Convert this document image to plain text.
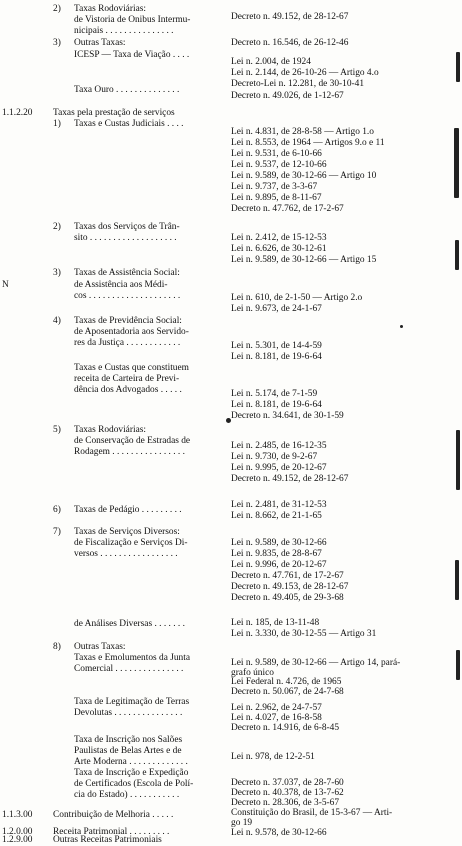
2) Taxas Rodoviárias:
de Vistoria de Onibus Intermu-
nicipais . . . . . . . . . . . . . . .
3) Outras Taxas:
ICESP — Taxa de Viação . . . .
Taxa Ouro . . . . . . . . . . . . . .
1.1.2.20 Taxas pela prestação de serviços
1) Taxas e Custas Judiciais . . . .
2) Taxas dos Serviços de Trân-
sito . . . . . . . . . . . . . . . . . . .
3) Taxas de Assistência Social:
N	de Assistência aos Médi-
cos . . . . . . . . . . . . . . . . . . . .
4) Taxas de Previdência Social:
de Aposentadoria aos Servido-
res da Justiça . . . . . . . . . . . .
Taxas e Custas que constituem
receita de Carteira de Previ-
dência dos Advogados . . . . .
5) Taxas Rodoviárias:
de Conservação de Estradas de
Rodagem . . . . . . . . . . . . . . . .
6) Taxas de Pedágio . . . . . . . . .
7) Taxas de Serviços Diversos:
de Fiscalização e Serviços Di-
versos . . . . . . . . . . . . . . . . .
de Análises Diversas . . . . . . .
8) Outras Taxas:
Taxas e Emolumentos da Junta
Comercial . . . . . . . . . . . . . . .
Taxa de Legitimação de Terras
Devolutas . . . . . . . . . . . . . . .
Taxa de Inscrição nos Salões
Paulistas de Belas Artes e de
Arte Moderna . . . . . . . . . . . . .
Taxa de Inscrição e Expedição
de Certificados (Escola de Polí-
cia do Estado) . . . . . . . . . . .
1.1.3.00 Contribuição de Melhoria . . . . .
1.2.0.00 Receita Patrimonial . . . . . . . . .
1.2.9.00 Outras Receitas Patrimoniais
Decreto n. 49.152, de 28-12-67
Decreto n. 16.546, de 26-12-46
Lei n. 2.004, de 1924
Lei n. 2.144, de 26-10-26 — Artigo 4.o
Decreto-Lei n. 12.281, de 30-10-41
Decreto n. 49.026, de 1-12-67
Lei n. 4.831, de 28-8-58 — Artigo 1.o
Lei n. 8.553, de 1964 — Artigos 9.o e 11
Lei n. 9.531, de 6-10-66
Lei n. 9.537, de 12-10-66
Lei n. 9.589, de 30-12-66 — Artigo 10
Lei n. 9.737, de 3-3-67
Lei n. 9.895, de 8-11-67
Decreto n. 47.762, de 17-2-67
Lei n. 2.412, de 15-12-53
Lei n. 6.626, de 30-12-61
Lei n. 9.589, de 30-12-66 — Artigo 15
Lei n. 610, de 2-1-50 — Artigo 2.o
Lei n. 9.673, de 24-1-67
Lei n. 5.301, de 14-4-59
Lei n. 8.181, de 19-6-64
Lei n. 5.174, de 7-1-59
Lei n. 8.181, de 19-6-64
Decreto n. 34.641, de 30-1-59
Lei n. 2.485, de 16-12-35
Lei n. 9.730, de 9-2-67
Lei n. 9.995, de 20-12-67
Decreto n. 49.152, de 28-12-67
Lei n. 2.481, de 31-12-53
Lei n. 8.662, de 21-1-65
Lei n. 9.589, de 30-12-66
Lei n. 9.835, de 28-8-67
Lei n. 9.996, de 20-12-67
Decreto n. 47.761, de 17-2-67
Decreto n. 49.153, de 28-12-67
Decreto n. 49.405, de 29-3-68
Lei n. 185, de 13-11-48
Lei n. 3.330, de 30-12-55 — Artigo 31
Lei n. 9.589, de 30-12-66 — Artigo 14, pará-
grafo único
Lei Federal n. 4.726, de 1965
Decreto n. 50.067, de 24-7-68
Lei n. 2.962, de 24-7-57
Lei n. 4.027, de 16-8-58
Decreto n. 14.916, de 6-8-45
Lei n. 978, de 12-2-51
Decreto n. 37.037, de 28-7-60
Decreto n. 40.378, de 13-7-62
Decreto n. 28.306, de 3-5-67
Constituição do Brasil, de 15-3-67 — Arti-
go 19
Lei n. 9.578, de 30-12-66
